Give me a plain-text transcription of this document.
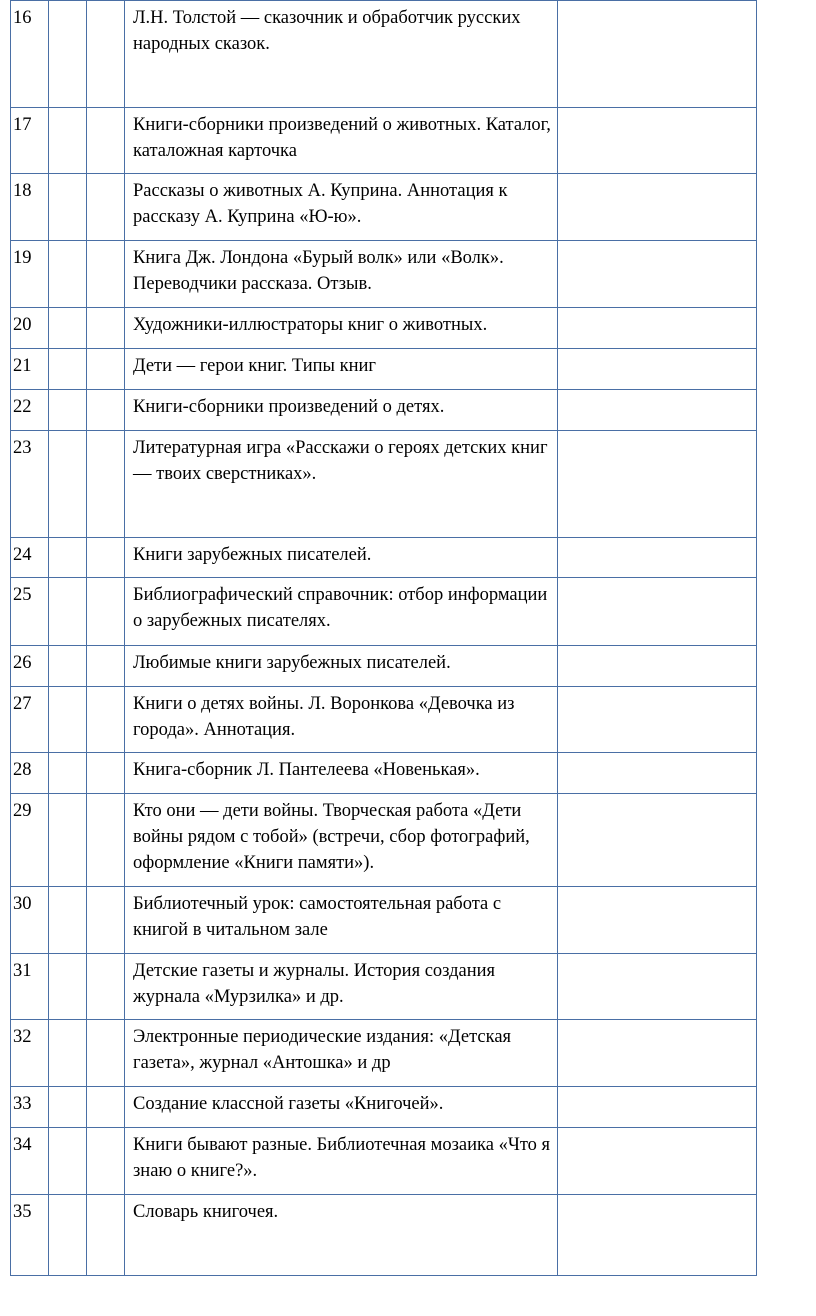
16			Л.Н. Толстой — сказочник и обработчик русских народных сказок.	

17			Книги-сборники произведений о животных. Каталог, каталожная карточка	

18			Рассказы о животных А. Куприна. Аннотация к рассказу А. Куприна «Ю-ю».	

19			Книга Дж. Лондона «Бурый волк» или «Волк». Переводчики рассказа. Отзыв.	

20			Художники-иллюстраторы книг о животных.	

21			Дети — герои книг. Типы книг	

22			Книги-сборники произведений о детях.	

23			Литературная игра «Расскажи о героях детских книг — твоих сверстниках».	

24			Книги зарубежных писателей.	

25			Библиографический справочник: отбор информации о зарубежных писателях.	

26			Любимые книги зарубежных писателей.	

27			Книги о детях войны. Л. Воронкова «Девочка из города». Аннотация.	

28			Книга-сборник Л. Пантелеева «Новенькая».	

29			Кто они — дети войны. Творческая работа «Дети войны рядом с тобой» (встречи, сбор фотографий, оформление «Книги памяти»).	

30			Библиотечный урок: самостоятельная работа с книгой в читальном зале	

31			Детские газеты и журналы. История создания журнала «Мурзилка» и др.	

32			Электронные периодические издания: «Детская газета», журнал «Антошка» и др	

33			Создание классной газеты «Книгочей».	

34			Книги бывают разные. Библиотечная мозаика «Что я знаю о книге?».	

35			Словарь книгочея.	
